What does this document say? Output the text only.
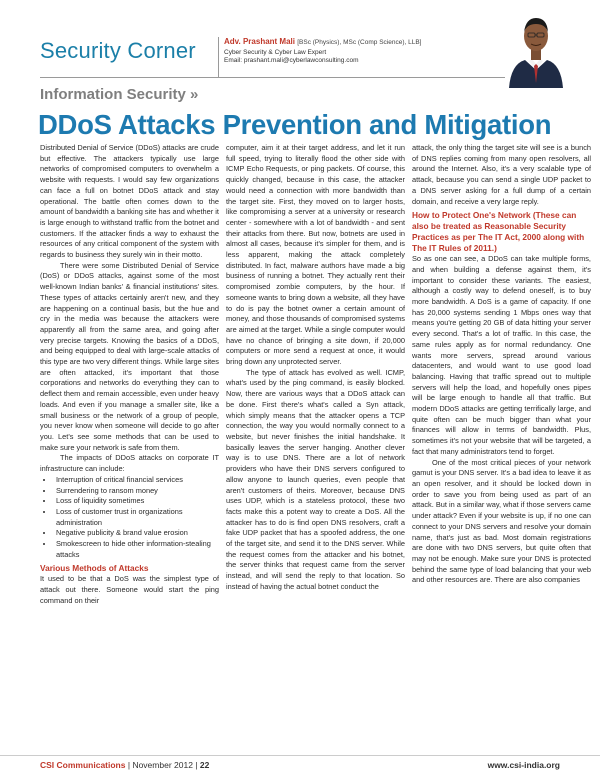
Security Corner	Adv. Prashant Mali [BSc (Physics), MSc (Comp Science), LLB]
Cyber Security & Cyber Law Expert
Email: prashant.mali@cyberlawconsulting.com
Information Security »
DDoS Attacks Prevention and Mitigation

Distributed Denial of Service (DDoS) attacks are crude but effective. The attackers typically use large networks of compromised computers to overwhelm a website with requests. I would say few organizations can face a full on botnet DDoS attack and stay operational. The battle often comes down to the amount of bandwidth a banking site has and whether it is large enough to withstand traffic from the botnet and customers. If the attacker finds a way to exhaust the resources of any critical component of the system with regards to business they surely win in their motto.

There were some Distributed Denial of Service (DoS) or DDoS attacks, against some of the most well-known Indian banks' & financial institutions' sites. These types of attacks certainly aren't new, and they are happening on a continual basis, but the hue and cry in the media was because the attackers were apparently all from the same area, and going after very precise targets. Knowing the basics of a DDoS, and being equipped to deal with large-scale attacks of this type are two very different things. While large sites are often attacked, it's important that those corporations and networks do everything they can to deflect them and remain accessible, even under heavy loads. And even if you manage a smaller site, like a small business or the network of a group of people, you never know when someone will decide to go after you. Let's see some methods that can be used to make sure your network is safe from them.

The impacts of DDoS attacks on corporate IT infrastructure can include:

• Interruption of critical financial services
• Surrendering to ransom money
• Loss of liquidity sometimes
• Loss of customer trust in organizations administration
• Negative publicity & brand value erosion
• Smokescreen to hide other information-stealing attacks
Various Methods of Attacks

It used to be that a DoS was the simplest type of attack out there. Someone would start the ping command on their

computer, aim it at their target address, and let it run full speed, trying to literally flood the other side with ICMP Echo Requests, or ping packets. Of course, this quickly changed, because in this case, the attacker would need a connection with more bandwidth than the target site. First, they moved on to larger hosts, like compromising a server at a university or research center - somewhere with a lot of bandwidth - and sent their attacks from there. But now, botnets are used in almost all cases, because it's simpler for them, and is less apparent, making the attack completely distributed. In fact, malware authors have made a big business of running a botnet. They actually rent their compromised zombie computers, by the hour. If someone wants to bring down a website, all they have to do is pay the botnet owner a certain amount of money, and those thousands of compromised systems are aimed at the target. While a single computer would have no chance of bringing a site down, if 20,000 computers or more send a request at once, it would bring down any unprotected server.

The type of attack has evolved as well. ICMP, what's used by the ping command, is easily blocked. Now, there are various ways that a DDoS attack can be done. First there's what's called a Syn attack, which simply means that the attacker opens a TCP connection, the way you would normally connect to a website, but never finishes the initial handshake. It basically leaves the server hanging. Another clever way is to use DNS. There are a lot of network providers who have their DNS servers configured to allow anyone to launch queries, even people that aren't customers of theirs. Moreover, because DNS uses UDP, which is a stateless protocol, these two facts make this a potent way to create a DoS. All the attacker has to do is find open DNS resolvers, craft a fake UDP packet that has a spoofed address, the one of the target site, and send it to the DNS server. While the request comes from the attacker and his botnet, the server thinks that request came from the server instead, and will send the reply to that location. So instead of having the actual botnet conduct the

attack, the only thing the target site will see is a bunch of DNS replies coming from many open resolvers, all around the Internet. Also, it's a very scalable type of attack, because you can send a single UDP packet to a DNS server asking for a full dump of a certain domain, and receive a very large reply.

How to Protect One's Network (These can also be treated as Reasonable Security Practices as per The IT Act, 2000 along with The IT Rules of 2011.)

So as one can see, a DDoS can take multiple forms, and when building a defense against them, it's important to consider these variants. The easiest, although a costly way to defend oneself, is to buy more bandwidth. A DoS is a game of capacity. If one has 20,000 systems sending 1 Mbps ones way that means you're getting 20 GB of data hitting your server every second. That's a lot of traffic. In this case, the same rules apply as for normal redundancy. One wants more servers, spread around various datacenters, and would want to use good load balancing. Having that traffic spread out to multiple servers will help the load, and hopefully ones pipes will be large enough to handle all that traffic. But modern DDoS attacks are getting terrifically large, and quite often can be much bigger than what your finances will allow in terms of bandwidth. Plus, sometimes it's not your website that will be targeted, a fact that many administrators tend to forget.

One of the most critical pieces of your network gamut is your DNS server. It's a bad idea to leave it as an open resolver, and it should be locked down in order to save you from being used as part of an attack. But in a similar way, what if those servers came under attack? Even if your website is up, if no one can connect to your DNS servers and resolve your domain name, that's just as bad. Most domain registrations are done with two DNS servers, but quite often that may not be enough. Make sure your DNS is protected behind the same type of load balancing that your web and other resources are. There are also companies

CSI Communications | November 2012 | 22	www.csi-india.org
